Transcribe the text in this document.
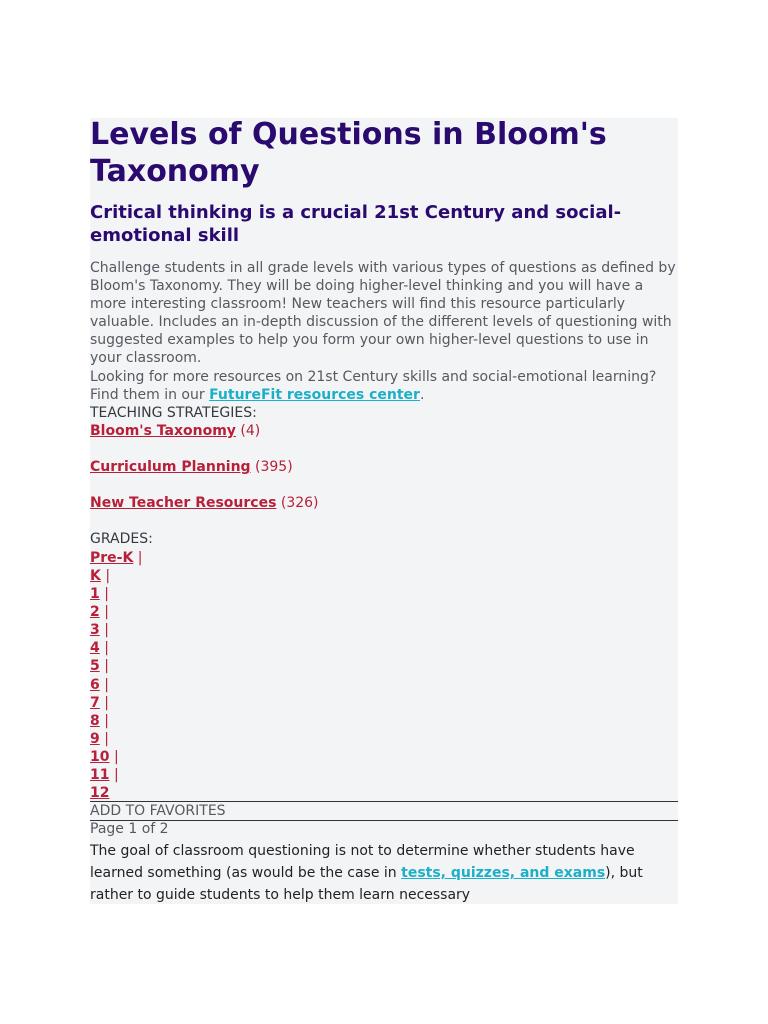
Levels of Questions in Bloom's Taxonomy
Critical thinking is a crucial 21st Century and social-emotional skill

Challenge students in all grade levels with various types of questions as defined by Bloom's Taxonomy. They will be doing higher-level thinking and you will have a more interesting classroom! New teachers will find this resource particularly valuable. Includes an in-depth discussion of the different levels of questioning with suggested examples to help you form your own higher-level questions to use in your classroom.

Looking for more resources on 21st Century skills and social-emotional learning? Find them in our FutureFit resources center.

TEACHING STRATEGIES:

Bloom's Taxonomy (4)

Curriculum Planning (395)

New Teacher Resources (326)

GRADES:

Pre-K |

K |

1 |

2 |

3 |

4 |

5 |

6 |

7 |

8 |

9 |

10 |

11 |

12

ADD TO FAVORITES

Page 1 of 2

The goal of classroom questioning is not to determine whether students have learned something (as would be the case in tests, quizzes, and exams), but rather to guide students to help them learn necessary
